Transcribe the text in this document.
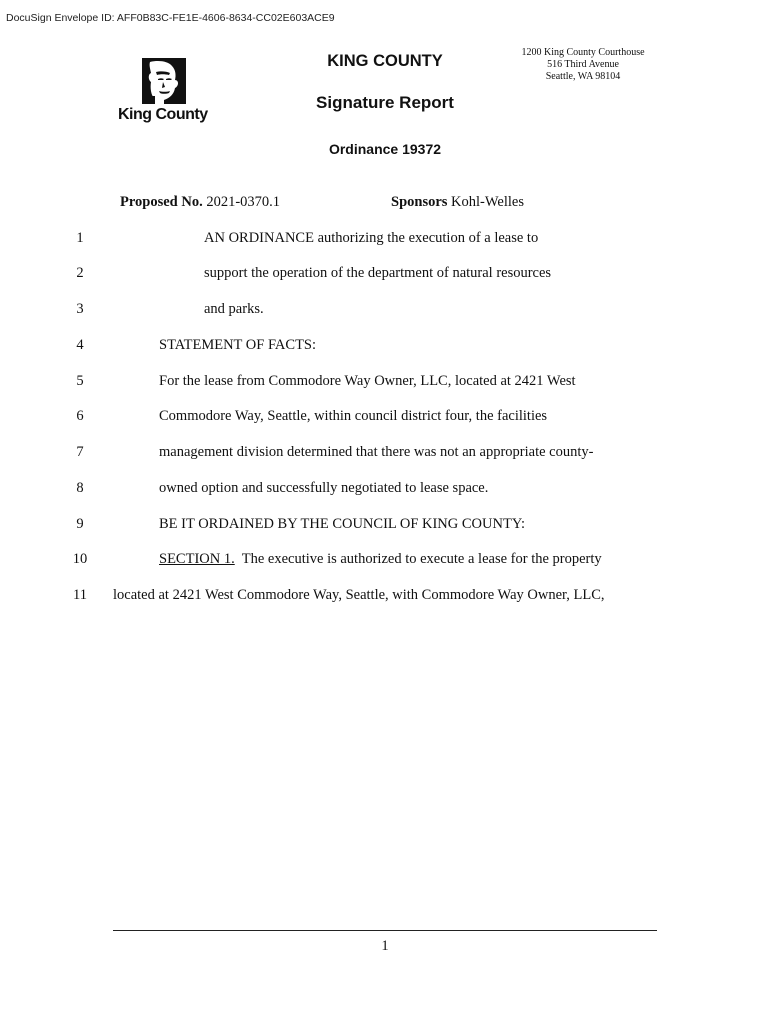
DocuSign Envelope ID: AFF0B83C-FE1E-4606-8634-CC02E603ACE9
King County
KING COUNTY
Signature Report
Ordinance 19372
1200 King County Courthouse
516 Third Avenue
Seattle, WA 98104
Proposed No. 2021-0370.1	Sponsors Kohl-Welles
1	AN ORDINANCE authorizing the execution of a lease to
2	support the operation of the department of natural resources
3	and parks.
4	STATEMENT OF FACTS:
5	For the lease from Commodore Way Owner, LLC, located at 2421 West
6	Commodore Way, Seattle, within council district four, the facilities
7	management division determined that there was not an appropriate county-
8	owned option and successfully negotiated to lease space.
9	BE IT ORDAINED BY THE COUNCIL OF KING COUNTY:
10	SECTION 1. The executive is authorized to execute a lease for the property
11	located at 2421 West Commodore Way, Seattle, with Commodore Way Owner, LLC,
1
